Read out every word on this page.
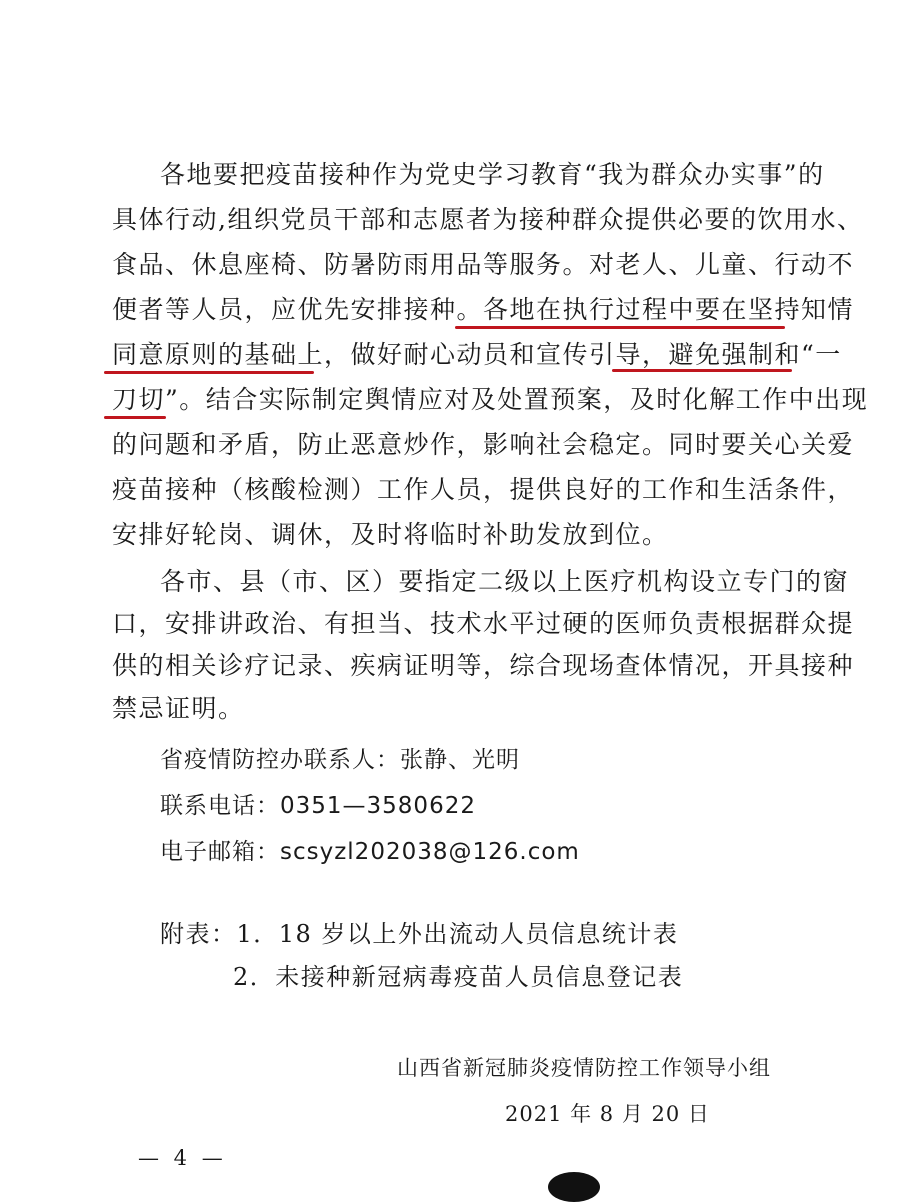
各地要把疫苗接种作为党史学习教育“我为群众办实事”的
具体行动,组织党员干部和志愿者为接种群众提供必要的饮用水、
食品、休息座椅、防暑防雨用品等服务。对老人、儿童、行动不
便者等人员，应优先安排接种。各地在执行过程中要在坚持知情
同意原则的基础上，做好耐心动员和宣传引导，避免强制和“一
刀切”。结合实际制定舆情应对及处置预案，及时化解工作中出现
的问题和矛盾，防止恶意炒作，影响社会稳定。同时要关心关爱
疫苗接种（核酸检测）工作人员，提供良好的工作和生活条件，
安排好轮岗、调休，及时将临时补助发放到位。
各市、县（市、区）要指定二级以上医疗机构设立专门的窗
口，安排讲政治、有担当、技术水平过硬的医师负责根据群众提
供的相关诊疗记录、疾病证明等，综合现场查体情况，开具接种
禁忌证明。
省疫情防控办联系人：张静、光明
联系电话：0351—3580622
电子邮箱：scsyzl202038@126.com
附表：1．18 岁以上外出流动人员信息统计表
2．未接种新冠病毒疫苗人员信息登记表
山西省新冠肺炎疫情防控工作领导小组
2021 年 8 月 20 日
— 4 —
